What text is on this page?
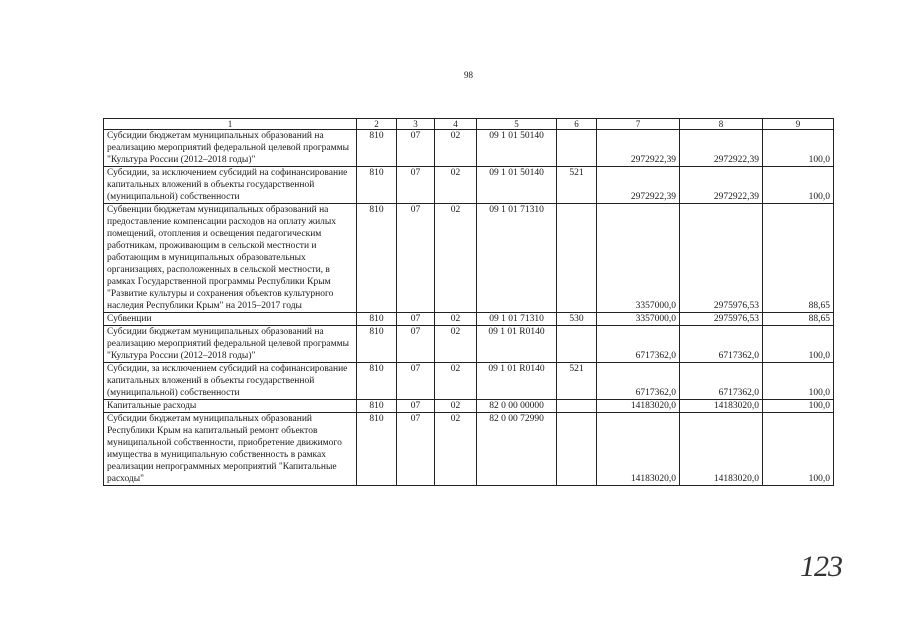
98
1	2	3	4	5	6	7	8	9
Субсидии бюджетам муниципальных образований на реализацию мероприятий федеральной целевой программы "Культура России (2012–2018 годы)"	810	07	02	09 1 01 50140		2972922,39	2972922,39	100,0
Субсидии, за исключением субсидий на софинансирование капитальных вложений в объекты государственной (муниципальной) собственности	810	07	02	09 1 01 50140	521	2972922,39	2972922,39	100,0
Субвенции бюджетам муниципальных образований на предоставление компенсации расходов на оплату жилых помещений, отопления и освещения педагогическим работникам, проживающим в сельской местности и работающим в муниципальных образовательных организациях, расположенных в сельской местности, в рамках Государственной программы Республики Крым "Развитие культуры и сохранения объектов культурного наследия Республики Крым" на 2015–2017 годы	810	07	02	09 1 01 71310		3357000,0	2975976,53	88,65
Субвенции	810	07	02	09 1 01 71310	530	3357000,0	2975976,53	88,65
Субсидии бюджетам муниципальных образований на реализацию мероприятий федеральной целевой программы "Культура России (2012–2018 годы)"	810	07	02	09 1 01 R0140		6717362,0	6717362,0	100,0
Субсидии, за исключением субсидий на софинансирование капитальных вложений в объекты государственной (муниципальной) собственности	810	07	02	09 1 01 R0140	521	6717362,0	6717362,0	100,0
Капитальные расходы	810	07	02	82 0 00 00000		14183020,0	14183020,0	100,0
Субсидии бюджетам муниципальных образований Республики Крым на капитальный ремонт объектов муниципальной собственности, приобретение движимого имущества в муниципальную собственность в рамках реализации непрограммных мероприятий "Капитальные расходы"	810	07	02	82 0 00 72990		14183020,0	14183020,0	100,0
123
